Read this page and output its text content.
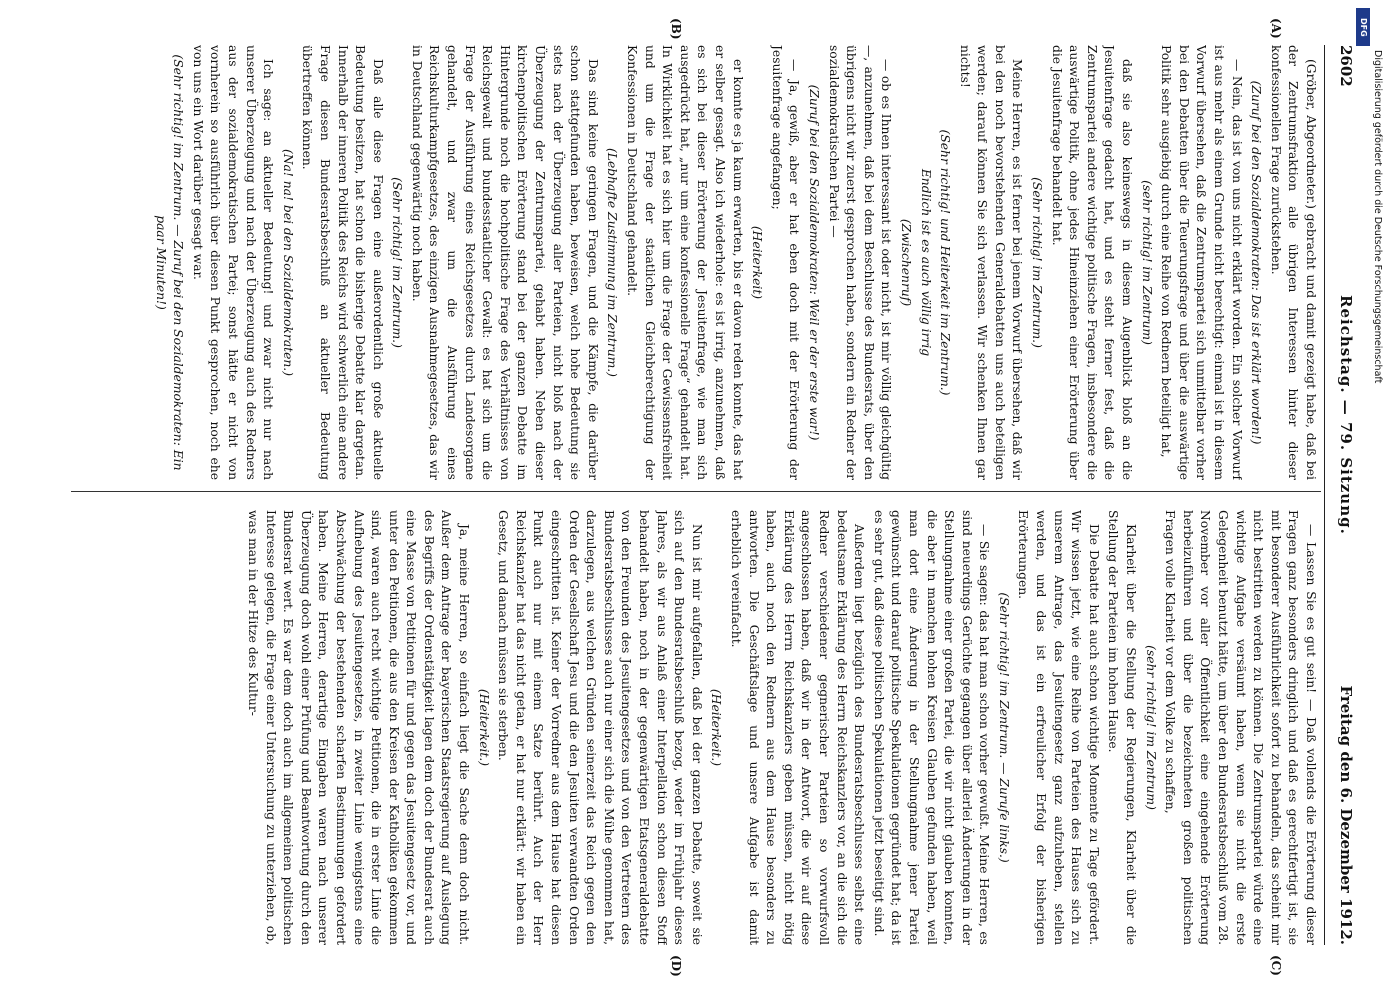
2602
Reichstag. — 79. Sitzung.
Freitag den 6. Dezember 1912.
(A)
(B)
(C)
(D)

(Gröber, Abgeordneter.) gebracht und damit gezeigt habe, daß bei der Zentrumsfraktion alle übrigen Interessen hinter dieser konfessionellen Frage zurückstehen.

(Zuruf bei den Sozialdemokraten: Das ist erklärt worden!)

— Nein, das ist von uns nicht erklärt worden. Ein solcher Vorwurf ist aus mehr als einem Grunde nicht berechtigt: einmal ist in diesem Vorwurf übersehen, daß die Zentrumspartei sich unmittelbar vorher bei den Debatten über die Teuerungsfrage und über die auswärtige Politik sehr ausgiebig durch eine Reihe von Rednern beteiligt hat,

(sehr richtig! im Zentrum)

daß sie also keineswegs in diesem Augenblick bloß an die Jesuitenfrage gedacht hat, und es steht ferner fest, daß die Zentrumspartei andere wichtige politische Fragen, insbesondere die auswärtige Politik, ohne jedes Hineinziehen einer Erörterung über die Jesuitenfrage behandelt hat.

(Sehr richtig! im Zentrum.)

Meine Herren, es ist ferner bei jenem Vorwurf übersehen, daß wir bei den noch bevorstehenden Generaldebatten uns auch beteiligen werden; darauf können Sie sich verlassen. Wir schenken Ihnen gar nichts!

(Sehr richtig! und Heiterkeit im Zentrum.)

Endlich ist es auch völlig irrig

(Zwischenruf)

— ob es Ihnen interessant ist oder nicht, ist mir völlig gleichgültig —, anzunehmen, daß bei dem Beschlusse des Bundesrats, über den übrigens nicht wir zuerst gesprochen haben, sondern ein Redner der sozialdemokratischen Partei —

(Zuruf bei den Sozialdemokraten: Weil er der erste war!)

— Ja, gewiß, aber er hat eben doch mit der Erörterung der Jesuitenfrage angefangen;

(Heiterkeit)

er konnte es ja kaum erwarten, bis er davon reden konnte, das hat er selber gesagt. Also ich wiederhole: es ist irrig, anzunehmen, daß es sich bei dieser Erörterung der Jesuitenfrage, wie man sich ausgedrückt hat, „nur um eine konfessionelle Frage“ gehandelt hat. In Wirklichkeit hat es sich hier um die Frage der Gewissensfreiheit und um die Frage der staatlichen Gleichberechtigung der Konfessionen in Deutschland gehandelt.

(Lebhafte Zustimmung im Zentrum.)

Das sind keine geringen Fragen, und die Kämpfe, die darüber schon stattgefunden haben, beweisen, welch hohe Bedeutung sie stets nach der Überzeugung aller Parteien, nicht bloß nach der Überzeugung der Zentrumspartei, gehabt haben. Neben dieser kirchenpolitischen Erörterung stand bei der ganzen Debatte im Hintergrunde noch die hochpolitische Frage des Verhältnisses von Reichsgewalt und bundesstaatlicher Gewalt: es hat sich um die Frage der Ausführung eines Reichsgesetzes durch Landesorgane gehandelt, und zwar um die Ausführung eines Reichskulturkampfgesetzes, des einzigen Ausnahmegesetzes, das wir in Deutschland gegenwärtig noch haben.

(Sehr richtig! im Zentrum.)

Daß alle diese Fragen eine außerordentlich große aktuelle Bedeutung besitzen, hat schon die bisherige Debatte klar dargetan. Innerhalb der inneren Politik des Reichs wird schwerlich eine andere Frage diesen Bundesratsbeschluß an aktueller Bedeutung übertreffen können.

(Na! na! bei den Sozialdemokraten.)

Ich sage: an aktueller Bedeutung! und zwar nicht nur nach unserer Überzeugung und nach der Überzeugung auch des Redners aus der sozialdemokratischen Partei; sonst hätte er nicht von vornherein so ausführlich über diesen Punkt gesprochen, noch ehe von uns ein Wort darüber gesagt war.

(Sehr richtig! im Zentrum. — Zuruf bei den Sozialdemokraten: Ein paar Minuten!)

— Lassen Sie es gut sein! — Daß vollends die Erörterung dieser Fragen ganz besonders dringlich und daß es gerechtfertigt ist, sie mit besonderer Ausführlichkeit sofort zu behandeln, das scheint mir nicht bestritten werden zu können. Die Zentrumspartei würde eine wichtige Aufgabe versäumt haben, wenn sie nicht die erste Gelegenheit benutzt hätte, um über den Bundesratsbeschluß vom 28. November vor aller Öffentlichkeit eine eingehende Erörterung herbeizuführen und über die bezeichneten großen politischen Fragen volle Klarheit vor dem Volke zu schaffen,

(sehr richtig! im Zentrum)

Klarheit über die Stellung der Regierungen, Klarheit über die Stellung der Parteien im hohen Hause.

Die Debatte hat auch schon wichtige Momente zu Tage gefördert. Wir wissen jetzt, wie eine Reihe von Parteien des Hauses sich zu unserem Antrage, das Jesuitengesetz ganz aufzuheben, stellen werden, und das ist ein erfreulicher Erfolg der bisherigen Erörterungen.

(Sehr richtig! im Zentrum. — Zurufe links.)

— Sie sagen: das hat man schon vorher gewußt. Meine Herren, es sind neuerdings Gerüchte gegangen über allerlei Änderungen in der Stellungnahme einer großen Partei, die wir nicht glauben konnten, die aber in manchen hohen Kreisen Glauben gefunden haben, weil man dort eine Änderung in der Stellungnahme jener Partei gewünscht und darauf politische Spekulationen gegründet hat; da ist es sehr gut, daß diese politischen Spekulationen jetzt beseitigt sind.

Außerdem liegt bezüglich des Bundesratsbeschlusses selbst eine bedeutsame Erklärung des Herrn Reichskanzlers vor, an die sich die Redner verschiedener gegnerischer Parteien so vorwurfsvoll angeschlossen haben, daß wir in der Antwort, die wir auf diese Erklärung des Herrn Reichskanzlers geben müssen, nicht nötig haben, auch noch den Rednern aus dem Hause besonders zu antworten. Die Geschäftslage und unsere Aufgabe ist damit erheblich vereinfacht.

(Heiterkeit.)

Nun ist mir aufgefallen, daß bei der ganzen Debatte, soweit sie sich auf den Bundesratsbeschluß bezog, weder im Frühjahr dieses Jahres, als wir aus Anlaß einer Interpellation schon diesen Stoff behandelt haben, noch in der gegenwärtigen Etatsgeneraldebatte von den Freunden des Jesuitengesetzes und von den Vertretern des Bundesratsbeschlusses auch nur einer sich die Mühe genommen hat, darzulegen, aus welchen Gründen seinerzeit das Reich gegen den Orden der Gesellschaft Jesu und die den Jesuiten verwandten Orden eingeschritten ist. Keiner der Vorredner aus dem Hause hat diesen Punkt auch nur mit einem Satze berührt. Auch der Herr Reichskanzler hat das nicht getan, er hat nur erklärt: wir haben ein Gesetz, und danach müssen sie sterben.

(Heiterkeit.)

Ja, meine Herren, so einfach liegt die Sache denn doch nicht. Außer dem Antrage der bayerischen Staatsregierung auf Auslegung des Begriffs der Ordenstätigkeit lagen dem doch der Bundesrat auch eine Masse von Petitionen für und gegen das Jesuitengesetz vor, und unter den Petitionen, die aus den Kreisen der Katholiken gekommen sind, waren auch recht wichtige Petitionen, die in erster Linie die Aufhebung des Jesuitengesetzes, in zweiter Linie wenigstens eine Abschwächung der bestehenden scharfen Bestimmungen gefordert haben. Meine Herren, derartige Eingaben waren nach unserer Überzeugung doch wohl einer Prüfung und Beantwortung durch den Bundesrat wert. Es war dem doch auch im allgemeinen politischen Interesse gelegen, die Frage einer Untersuchung zu unterziehen, ob, was man in der Hitze des Kultur-

DFG
Digitalisierung gefördert durch die Deutsche Forschungsgemeinschaft
